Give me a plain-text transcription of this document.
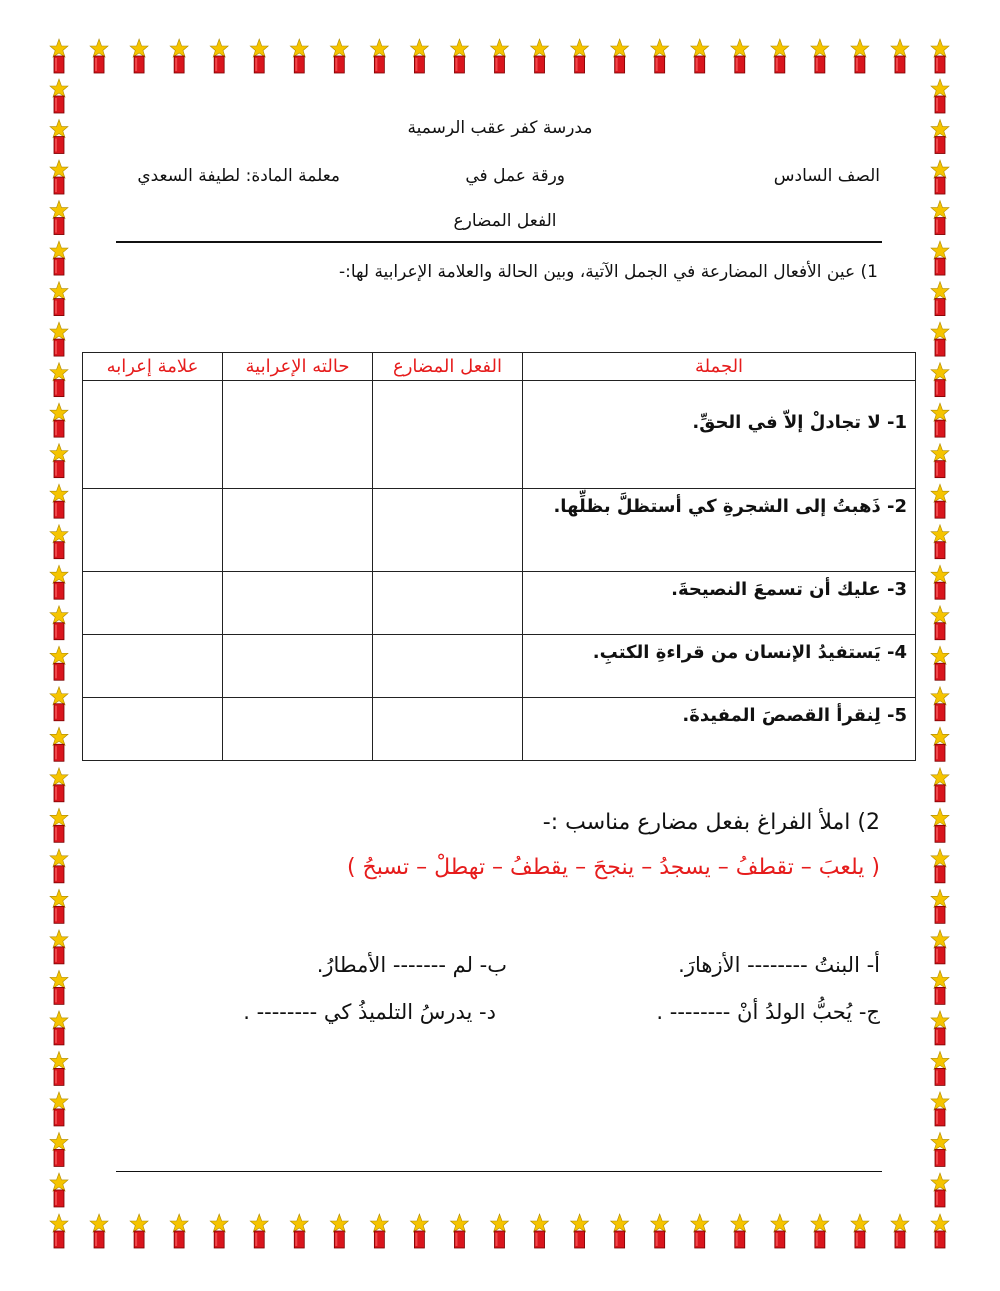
مدرسة كفر عقب الرسمية
الصف السادس
ورقة عمل في
معلمة المادة: لطيفة السعدي
الفعل المضارع
1) عين الأفعال المضارعة في الجمل الآتية، وبين الحالة والعلامة الإعرابية لها:-
الجملة	الفعل المضارع	حالته الإعرابية	علامة إعرابه
1- لا تجادلْ إلاّ في الحقِّ.			
2- ذَهبتُ إلى الشجرةِ كي أستظلَّ بظلِّها.			
3- عليك أن تسمعَ النصيحةَ.			
4- يَستفيدُ الإنسان من قراءةِ الكتبِ.			
5- لِنقرأ القصصَ المفيدةَ.			
2) املأ الفراغ بفعل مضارع مناسب :-
( يلعبَ – تقطفُ – يسجدُ – ينجحَ – يقطفُ – تهطلْ – تسبحُ )
أ- البنتُ -------- الأزهارَ.
ب- لم ------- الأمطارُ.
ج- يُحبُّ الولدُ أنْ -------- .
د- يدرسُ التلميذُ كي -------- .
